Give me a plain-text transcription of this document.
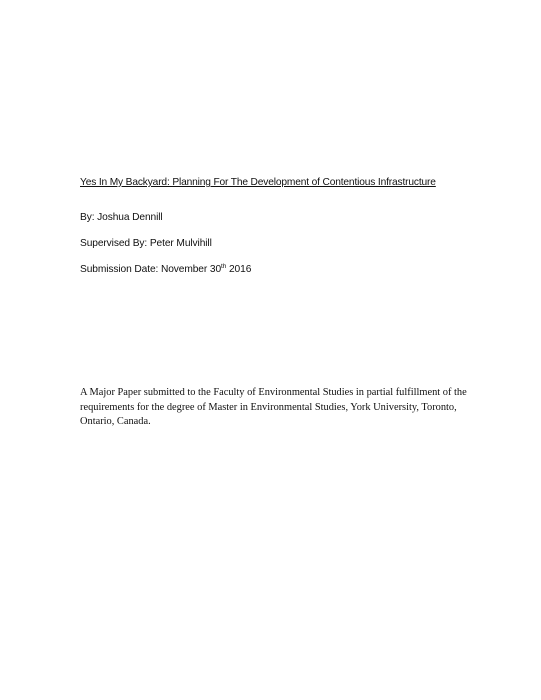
Yes In My Backyard: Planning For The Development of Contentious Infrastructure
By: Joshua Dennill
Supervised By: Peter Mulvihill
Submission Date: November 30th 2016
A Major Paper submitted to the Faculty of Environmental Studies in partial fulfillment of the requirements for the degree of Master in Environmental Studies, York University, Toronto, Ontario, Canada.
